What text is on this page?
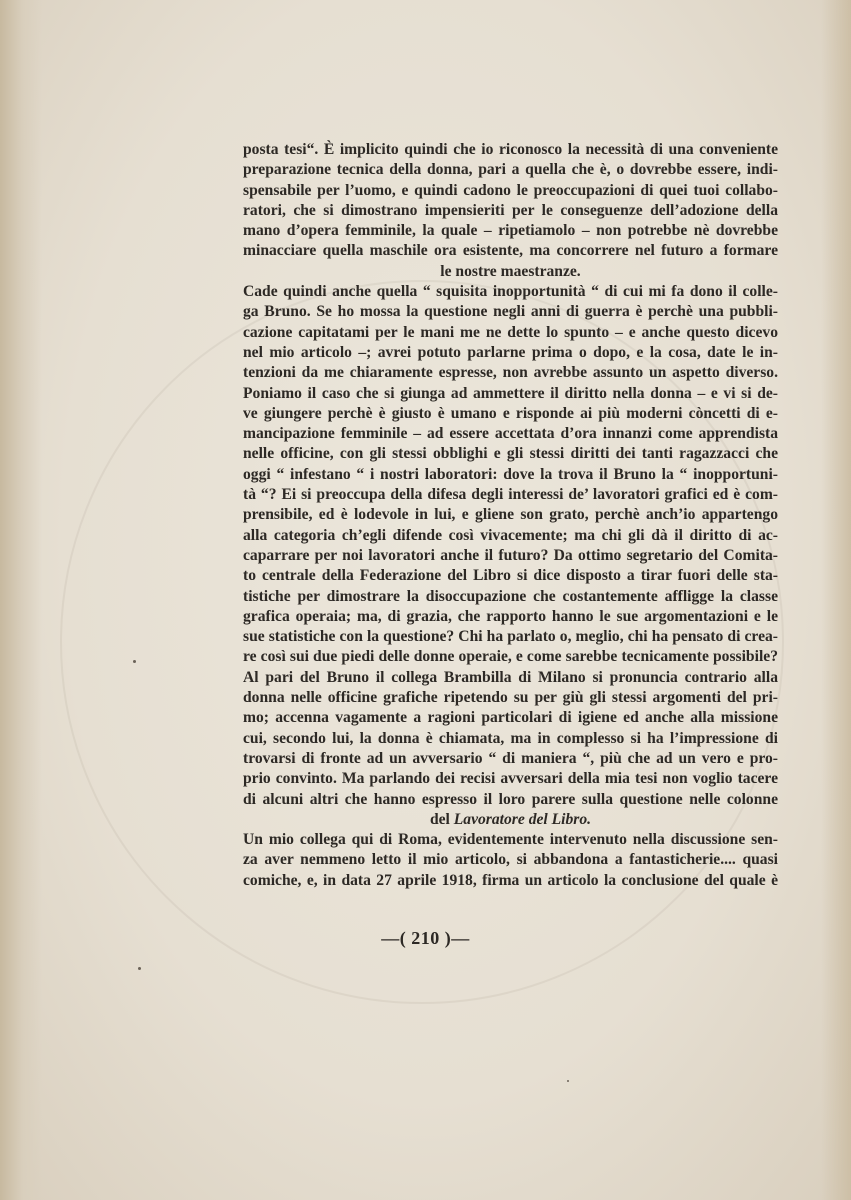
posta tesi“. È implicito quindi che io riconosco la necessità di una conveniente
preparazione tecnica della donna, pari a quella che è, o dovrebbe essere, indi-
spensabile per l’uomo, e quindi cadono le preoccupazioni di quei tuoi collabo-
ratori, che si dimostrano impensieriti per le conseguenze dell’adozione della
mano d’opera femminile, la quale – ripetiamolo – non potrebbe nè dovrebbe
minacciare quella maschile ora esistente, ma concorrere nel futuro a formare
le nostre maestranze.
Cade quindi anche quella “ squisita inopportunità “ di cui mi fa dono il colle-
ga Bruno. Se ho mossa la questione negli anni di guerra è perchè una pubbli-
cazione capitatami per le mani me ne dette lo spunto – e anche questo dicevo
nel mio articolo –; avrei potuto parlarne prima o dopo, e la cosa, date le in-
tenzioni da me chiaramente espresse, non avrebbe assunto un aspetto diverso.
Poniamo il caso che si giunga ad ammettere il diritto nella donna – e vi si de-
ve giungere perchè è giusto è umano e risponde ai più moderni còncetti di e-
mancipazione femminile – ad essere accettata d’ora innanzi come apprendista
nelle officine, con gli stessi obblighi e gli stessi diritti dei tanti ragazzacci che
oggi “ infestano “ i nostri laboratori: dove la trova il Bruno la “ inopportuni-
tà “? Ei si preoccupa della difesa degli interessi de’ lavoratori grafici ed è com-
prensibile, ed è lodevole in lui, e gliene son grato, perchè anch’io appartengo
alla categoria ch’egli difende così vivacemente; ma chi gli dà il diritto di ac-
caparrare per noi lavoratori anche il futuro? Da ottimo segretario del Comita-
to centrale della Federazione del Libro si dice disposto a tirar fuori delle sta-
tistiche per dimostrare la disoccupazione che costantemente affligge la classe
grafica operaia; ma, di grazia, che rapporto hanno le sue argomentazioni e le
sue statistiche con la questione? Chi ha parlato o, meglio, chi ha pensato di crea-
re così sui due piedi delle donne operaie, e come sarebbe tecnicamente possibile?
Al pari del Bruno il collega Brambilla di Milano si pronuncia contrario alla
donna nelle officine grafiche ripetendo su per giù gli stessi argomenti del pri-
mo; accenna vagamente a ragioni particolari di igiene ed anche alla missione
cui, secondo lui, la donna è chiamata, ma in complesso si ha l’impressione di
trovarsi di fronte ad un avversario “ di maniera “, più che ad un vero e pro-
prio convinto. Ma parlando dei recisi avversari della mia tesi non voglio tacere
di alcuni altri che hanno espresso il loro parere sulla questione nelle colonne
del Lavoratore del Libro.
Un mio collega qui di Roma, evidentemente intervenuto nella discussione sen-
za aver nemmeno letto il mio articolo, si abbandona a fantasticherie.... quasi
comiche, e, in data 27 aprile 1918, firma un articolo la conclusione del quale è
—( 210 )—
